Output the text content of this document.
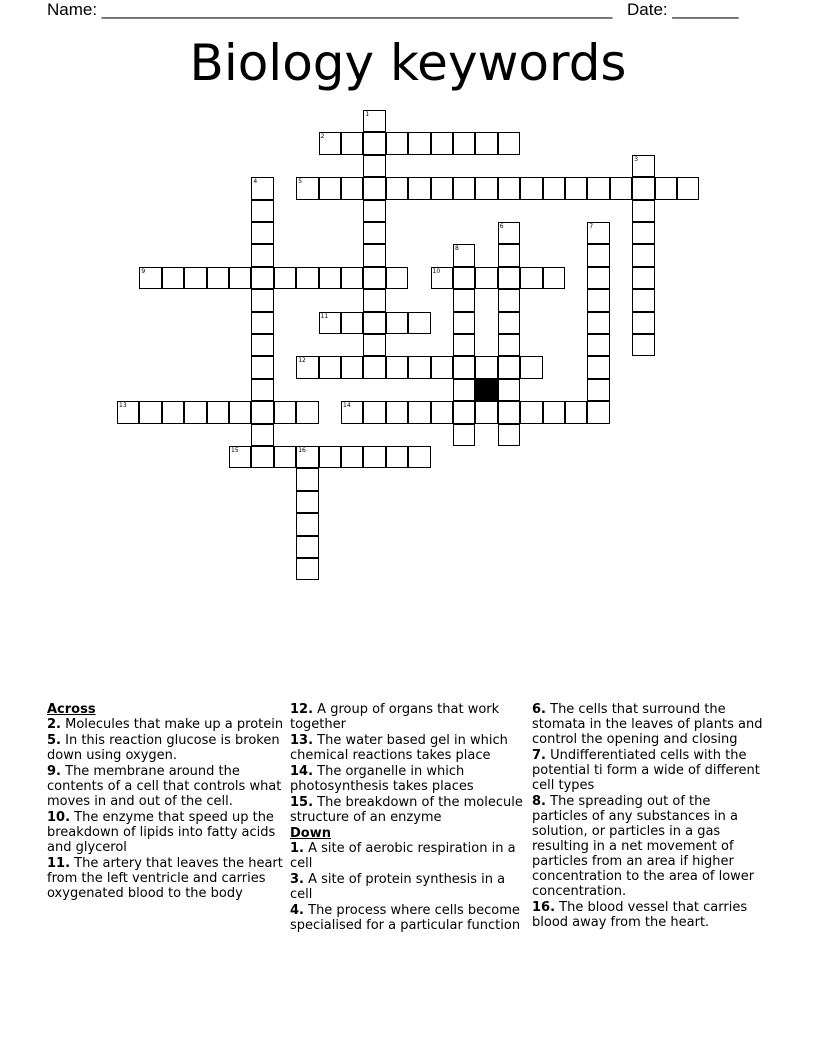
Name: ______________________________________________________ Date: _______
Biology keywords
1
2
3
4	5
6	7
8
9	10
11
12
13	14
15	16
Across
2. Molecules that make up a protein
5. In this reaction glucose is broken down using oxygen.
9. The membrane around the contents of a cell that controls what moves in and out of the cell.
10. The enzyme that speed up the breakdown of lipids into fatty acids and glycerol
11. The artery that leaves the heart from the left ventricle and carries oxygenated blood to the body
12. A group of organs that work together
13. The water based gel in which chemical reactions takes place
14. The organelle in which photosynthesis takes places
15. The breakdown of the molecule structure of an enzyme
Down
1. A site of aerobic respiration in a cell
3. A site of protein synthesis in a cell
4. The process where cells become specialised for a particular function
6. The cells that surround the stomata in the leaves of plants and control the opening and closing
7. Undifferentiated cells with the potential ti form a wide of different cell types
8. The spreading out of the particles of any substances in a solution, or particles in a gas resulting in a net movement of particles from an area if higher concentration to the area of lower concentration.
16. The blood vessel that carries blood away from the heart.
